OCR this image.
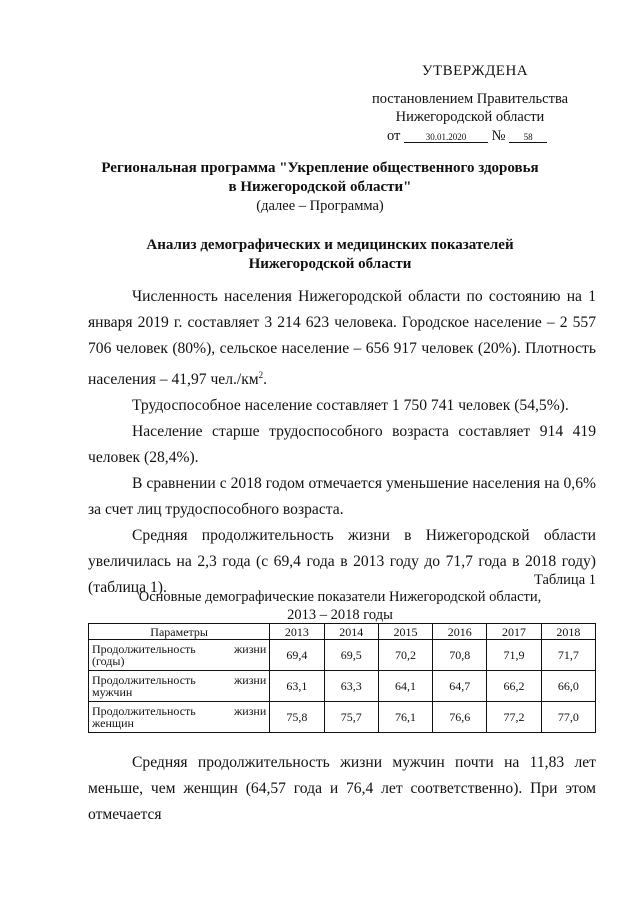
УТВЕРЖДЕНА
постановлением Правительства
Нижегородской области
от	30.01.2020 № 58
Региональная программа "Укрепление общественного здоровья
в Нижегородской области"
(далее – Программа)
Анализ демографических и медицинских показателей
Нижегородской области

Численность населения Нижегородской области по состоянию на 1 января 2019 г. составляет 3 214 623 человека. Городское население – 2 557 706 человек (80%), сельское население – 656 917 человек (20%). Плотность населения – 41,97 $чел./км^2$.

Трудоспособное население составляет 1 750 741 человек (54,5%).

Население старше трудоспособного возраста составляет 914 419 человек (28,4%).

В сравнении с 2018 годом отмечается уменьшение населения на 0,6% за счет лиц трудоспособного возраста.

Средняя продолжительность жизни в Нижегородской области увеличилась на 2,3 года (с 69,4 года в 2013 году до 71,7 года в 2018 году) (таблица 1).	Таблица 1
Основные демографические показатели Нижегородской области,
2013 – 2018 годы
Параметры	2013	2014	2015	2016	2017	2018
Продолжительность жизни (годы)	69,4	69,5	70,2	70,8	71,9	71,7
Продолжительность жизни мужчин	63,1	63,3	64,1	64,7	66,2	66,0
Продолжительность жизни женщин	75,8	75,7	76,1	76,6	77,2	77,0

Средняя продолжительность жизни мужчин почти на 11,83 лет меньше, чем женщин (64,57 года и 76,4 лет соответственно). При этом отмечается
